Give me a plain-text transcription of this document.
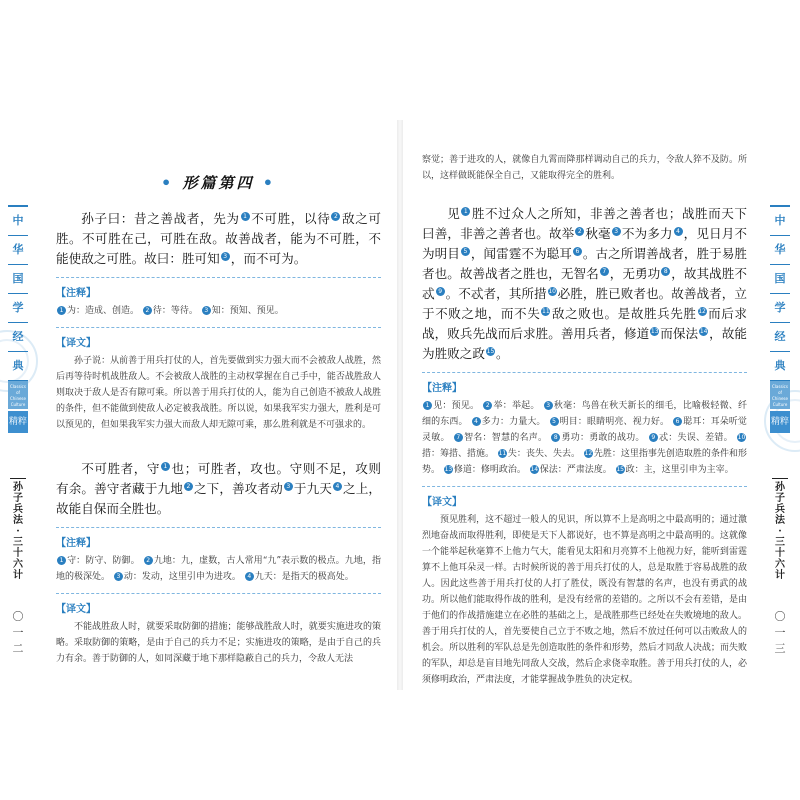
中
华
国
学
经
典
Classics of Chinese Culture
精粹
孙
子
兵
法
·
三
十
六
计
〇
一
二
中
华
国
学
经
典
Classics of Chinese Culture
精粹
孙
子
兵
法
·
三
十
六
计
〇
一
三
• 形篇第四 •

孙子曰：昔之善战者，先为 1 不可胜，以待 2 敌之可胜。不可胜在己，可胜在敌。故善战者，能为不可胜，不能使敌之可胜。故曰：胜可知 3 ，而不可为。

【注释】
1 为：造成、创造。 2 待：等待。 3 知：预知、预见。
【译文】

孙子说：从前善于用兵打仗的人，首先要做到实力强大而不会被敌人战胜，然后再等待时机战胜敌人。不会被敌人战胜的主动权掌握在自己手中，能否战胜敌人则取决于敌人是否有隙可乘。所以善于用兵打仗的人，能为自己创造不被敌人战胜的条件，但不能做到使敌人必定被我战胜。所以说，如果我军实力强大，胜利是可以预见的，但如果我军实力强大而敌人却无隙可乘，那么胜利就是不可强求的。

不可胜者，守 1 也；可胜者，攻也。守则不足，攻则有余。善守者藏于九地 2 之下，善攻者动 3 于九天 4 之上，故能自保而全胜也。

【注释】
1 守：防守、防御。 2 九地：九，虚数，古人常用“九”表示数的极点。九地，指地的极深处。 3 动：发动，这里引申为进攻。 4 九天：是指天的极高处。
【译文】

不能战胜敌人时，就要采取防御的措施；能够战胜敌人时，就要实施进攻的策略。采取防御的策略，是由于自己的兵力不足；实施进攻的策略，是由于自己的兵力有余。善于防御的人，如同深藏于地下那样隐蔽自己的兵力，令敌人无法

察觉；善于进攻的人，就像自九霄而降那样调动自己的兵力，令敌人猝不及防。所以，这样做既能保全自己，又能取得完全的胜利。

见 1 胜不过众人之所知，非善之善者也；战胜而天下曰善，非善之善者也。故举 2 秋毫 3 不为多力 4 ，见日月不为明目 5 ，闻雷霆不为聪耳 6 。古之所谓善战者，胜于易胜者也。故善战者之胜也，无智名 7 ，无勇功 8 ，故其战胜不忒 9 。不忒者，其所措 10 必胜，胜已败者也。故善战者，立于不败之地，而不失 11 敌之败也。是故胜兵先胜 12 而后求战，败兵先战而后求胜。善用兵者，修道 13 而保法 14 ，故能为胜败之政 15 。

【注释】
1 见：预见。 2 举：举起。 3 秋毫：鸟兽在秋天新长的细毛，比喻极轻微、纤细的东西。 4 多力：力量大。 5 明目：眼睛明亮、视力好。 6 聪耳：耳朵听觉灵敏。 7 智名：智慧的名声。 8 勇功：勇敢的战功。 9 忒：失误、差错。 10措：筹措、措施。 11 失：丧失、失去。 12 先胜：这里指事先创造取胜的条件和形势。 13 修道：修明政治。 14 保法：严肃法度。 15 政：主，这里引申为主宰。
【译文】

预见胜利，这不超过一般人的见识，所以算不上是高明之中最高明的；通过激烈地奋战而取得胜利，即使是天下人都说好，也不算是高明之中最高明的。这就像一个能举起秋毫算不上他力气大，能看见太阳和月亮算不上他视力好，能听到雷霆算不上他耳朵灵一样。古时候所说的善于用兵打仗的人，总是取胜于容易战胜的敌人。因此这些善于用兵打仗的人打了胜仗，既没有智慧的名声，也没有勇武的战功。所以他们能取得作战的胜利，是没有经常的差错的。之所以不会有差错，是由于他们的作战措施建立在必胜的基础之上，是战胜那些已经处在失败境地的敌人。善于用兵打仗的人，首先要使自己立于不败之地，然后不放过任何可以击败敌人的机会。所以胜利的军队总是先创造取胜的条件和形势，然后才同敌人决战；而失败的军队，却总是盲目地先同敌人交战，然后企求侥幸取胜。善于用兵打仗的人，必须修明政治，严肃法度，才能掌握战争胜负的决定权。
